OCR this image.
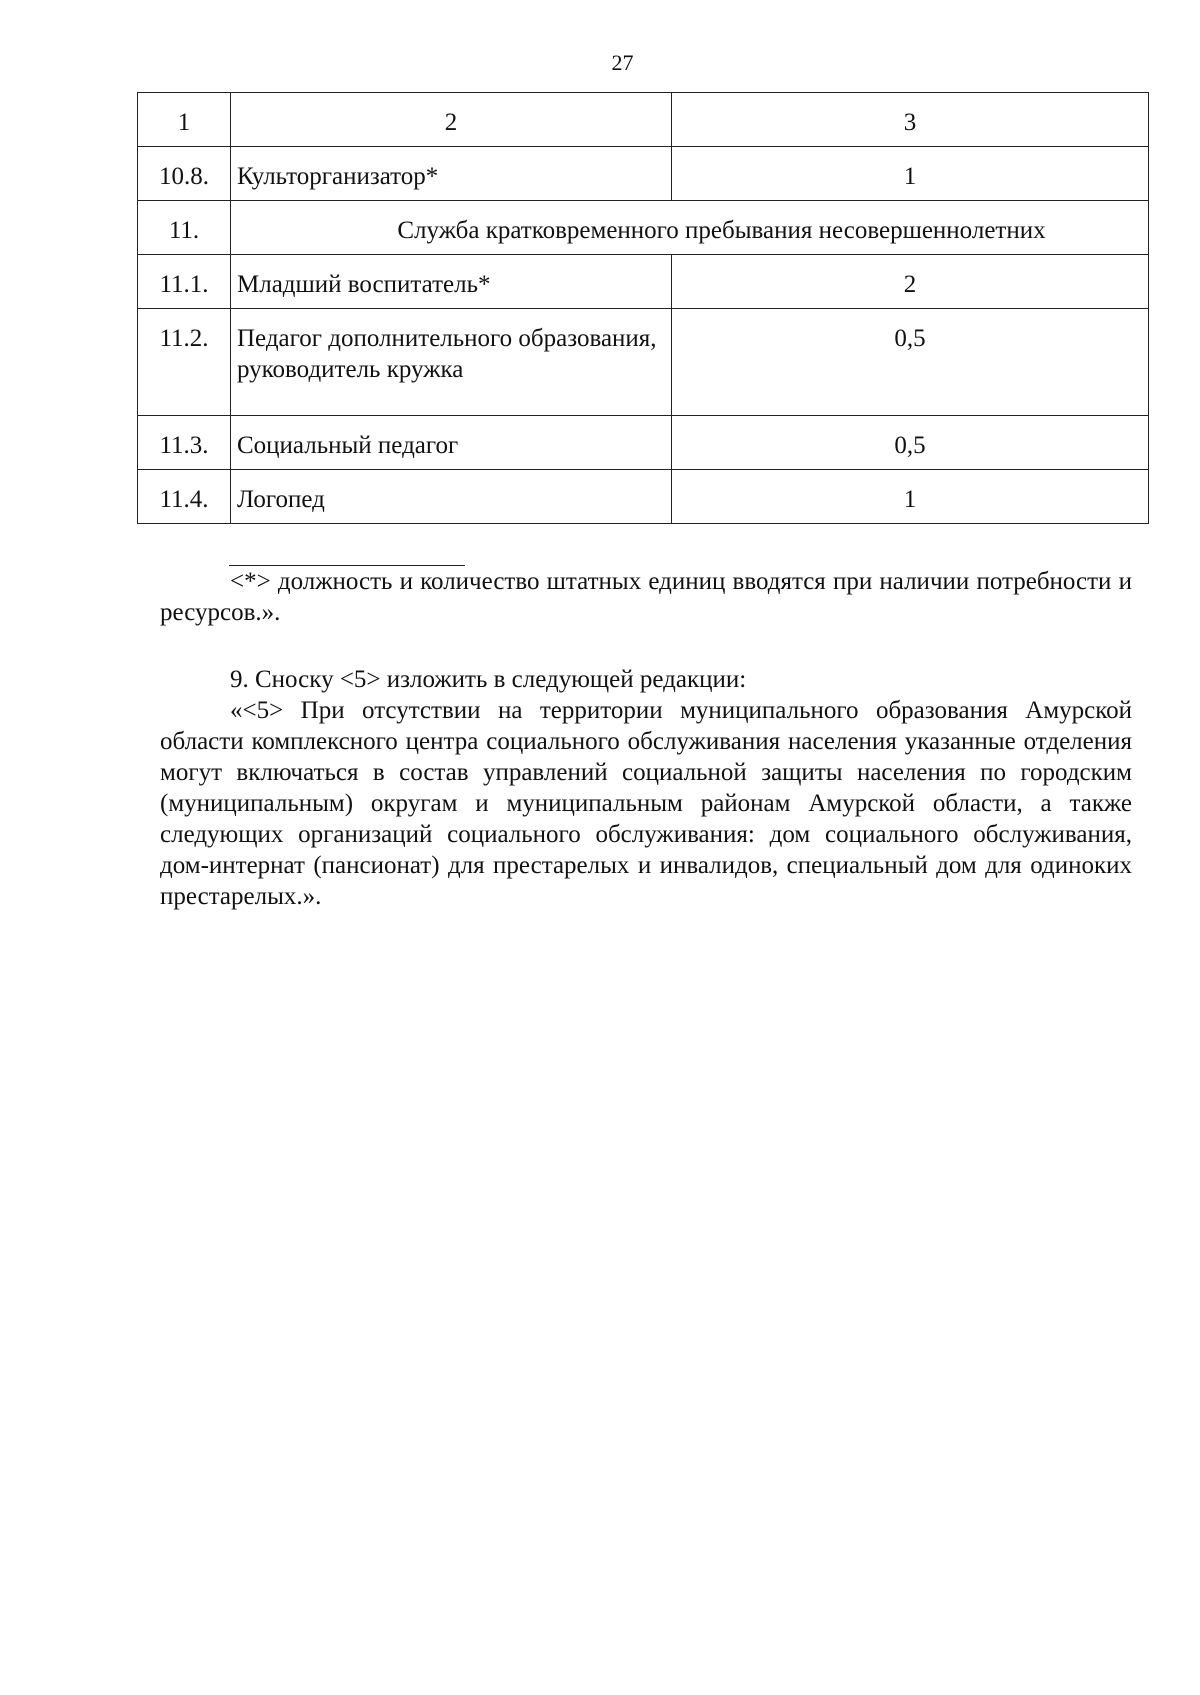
27
1	2	3
10.8.	Культорганизатор*	1
11.	Служба кратковременного пребывания несовершеннолетних	
11.1.	Младший воспитатель*	2
11.2.	Педагог дополнительного образования, руководитель кружка	0,5
11.3.	Социальный педагог	0,5
11.4.	Логопед	1

<*> должность и количество штатных единиц вводятся при наличии потребности и ресурсов.».

9. Сноску <5> изложить в следующей редакции:

«<5> При отсутствии на территории муниципального образования Амурской области комплексного центра социального обслуживания населения указанные отделения могут включаться в состав управлений социальной защиты населения по городским (муниципальным) округам и муниципальным районам Амурской области, а также следующих организаций социального обслуживания: дом социального обслуживания, дом-интернат (пансионат) для престарелых и инвалидов, специальный дом для одиноких престарелых.».
